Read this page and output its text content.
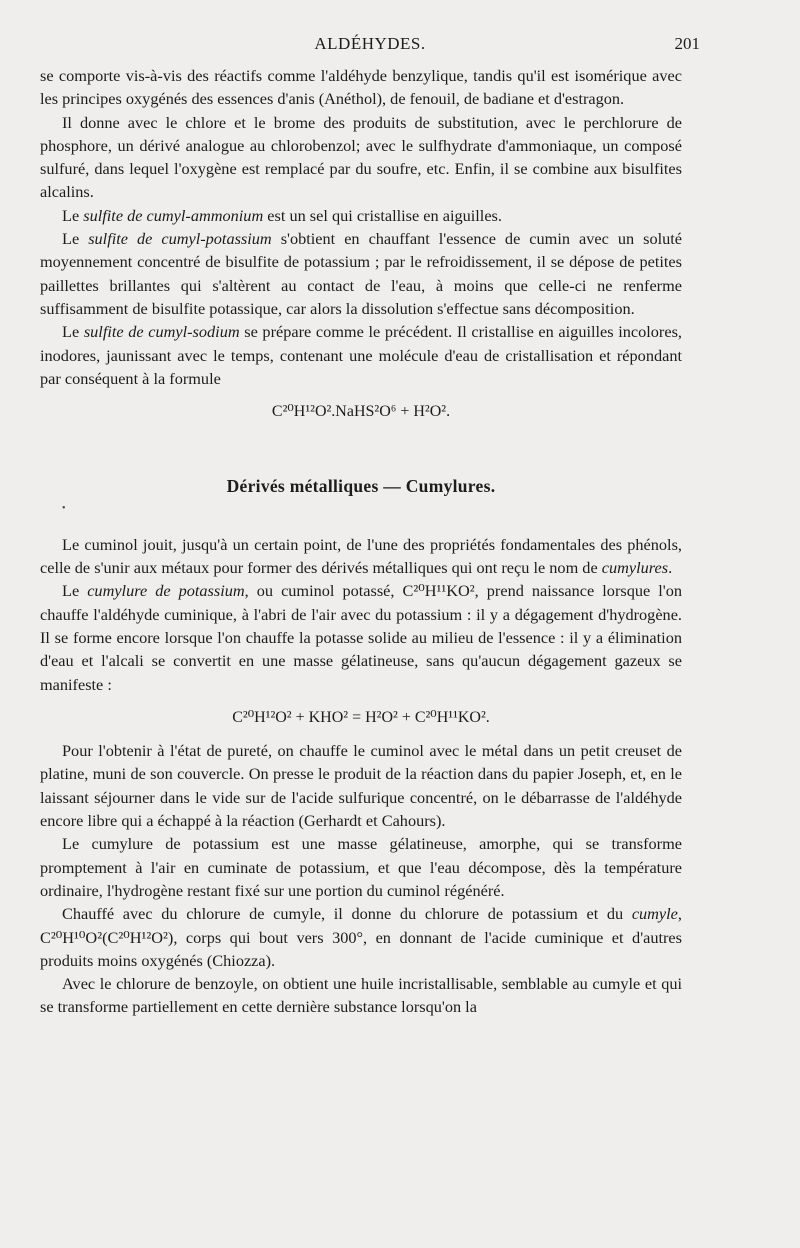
ALDÉHYDES.	201
•

se comporte vis-à-vis des réactifs comme l'aldéhyde benzylique, tandis qu'il est isomérique avec les principes oxygénés des essences d'anis (Anéthol), de fenouil, de badiane et d'estragon.

Il donne avec le chlore et le brome des produits de substitution, avec le perchlorure de phosphore, un dérivé analogue au chlorobenzol; avec le sulfhydrate d'ammoniaque, un composé sulfuré, dans lequel l'oxygène est remplacé par du soufre, etc. Enfin, il se combine aux bisulfites alcalins.

Le sulfite de cumyl-ammonium est un sel qui cristallise en aiguilles.

Le sulfite de cumyl-potassium s'obtient en chauffant l'essence de cumin avec un soluté moyennement concentré de bisulfite de potassium ; par le refroidissement, il se dépose de petites paillettes brillantes qui s'altèrent au contact de l'eau, à moins que celle-ci ne renferme suffisamment de bisulfite potassique, car alors la dissolution s'effectue sans décomposition.

Le sulfite de cumyl-sodium se prépare comme le précédent. Il cristallise en aiguilles incolores, inodores, jaunissant avec le temps, contenant une molécule d'eau de cristallisation et répondant par conséquent à la formule

C²⁰H¹²O².NaHS²O⁶ + H²O².
Dérivés métalliques — Cumylures.

Le cuminol jouit, jusqu'à un certain point, de l'une des propriétés fondamentales des phénols, celle de s'unir aux métaux pour former des dérivés métalliques qui ont reçu le nom de cumylures.

Le cumylure de potassium, ou cuminol potassé, C²⁰H¹¹KO², prend naissance lorsque l'on chauffe l'aldéhyde cuminique, à l'abri de l'air avec du potassium : il y a dégagement d'hydrogène. Il se forme encore lorsque l'on chauffe la potasse solide au milieu de l'essence : il y a élimination d'eau et l'alcali se convertit en une masse gélatineuse, sans qu'aucun dégagement gazeux se manifeste :

C²⁰H¹²O² + KHO² = H²O² + C²⁰H¹¹KO².

Pour l'obtenir à l'état de pureté, on chauffe le cuminol avec le métal dans un petit creuset de platine, muni de son couvercle. On presse le produit de la réaction dans du papier Joseph, et, en le laissant séjourner dans le vide sur de l'acide sulfurique concentré, on le débarrasse de l'aldéhyde encore libre qui a échappé à la réaction (Gerhardt et Cahours).

Le cumylure de potassium est une masse gélatineuse, amorphe, qui se transforme promptement à l'air en cuminate de potassium, et que l'eau décompose, dès la température ordinaire, l'hydrogène restant fixé sur une portion du cuminol régénéré.

Chauffé avec du chlorure de cumyle, il donne du chlorure de potassium et du cumyle, C²⁰H¹⁰O²(C²⁰H¹²O²), corps qui bout vers 300°, en donnant de l'acide cuminique et d'autres produits moins oxygénés (Chiozza).

Avec le chlorure de benzoyle, on obtient une huile incristallisable, semblable au cumyle et qui se transforme partiellement en cette dernière substance lorsqu'on la
